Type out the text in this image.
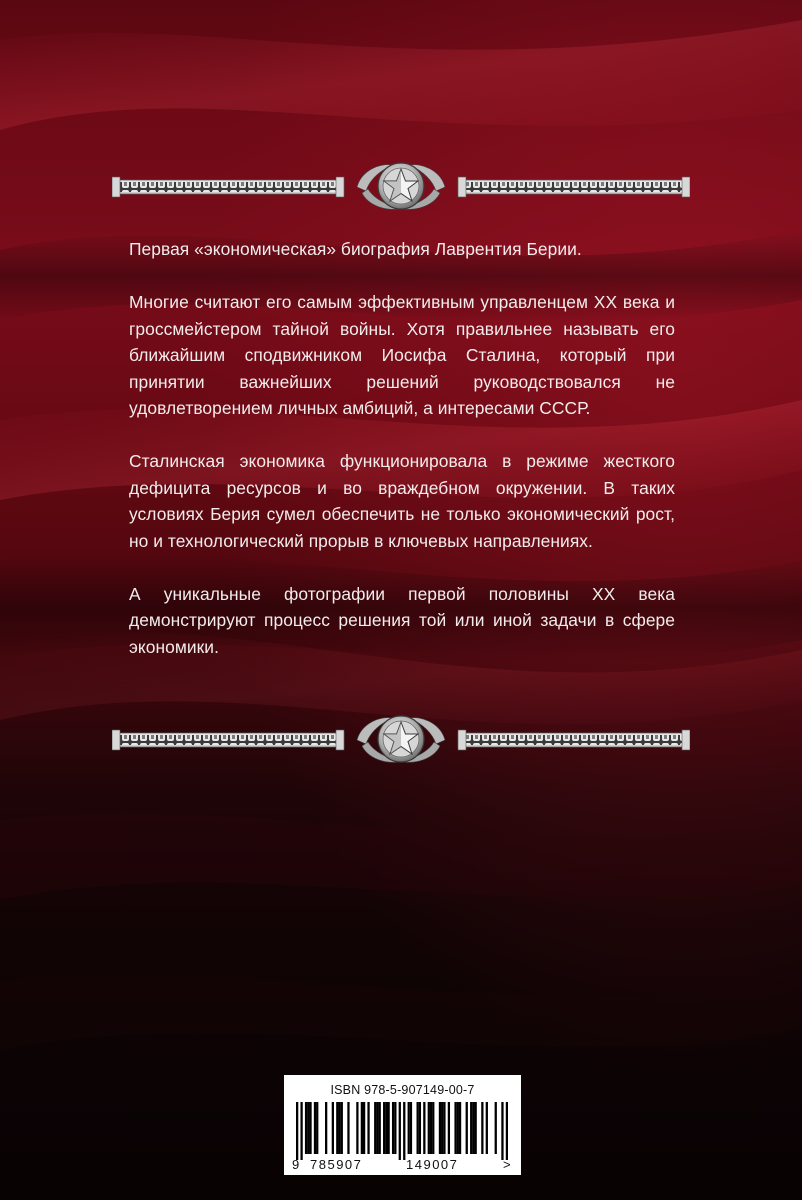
Первая «экономическая» биография Лаврентия Берии.

Многие считают его самым эффективным управленцем XX века и гроссмейстером тайной войны. Хотя правильнее называть его ближайшим сподвижником Иосифа Сталина, который при принятии важнейших решений руководствовался не удовлетворением личных амбиций, а интересами СССР.

Сталинская экономика функционировала в режиме жесткого дефицита ресурсов и во враждебном окружении. В таких условиях Берия сумел обеспечить не только экономический рост, но и технологический прорыв в ключевых направлениях.

А уникальные фотографии первой половины XX века демонстрируют процесс решения той или иной задачи в сфере экономики.

ISBN 978-5-907149-00-7
9 785907	149007	>
